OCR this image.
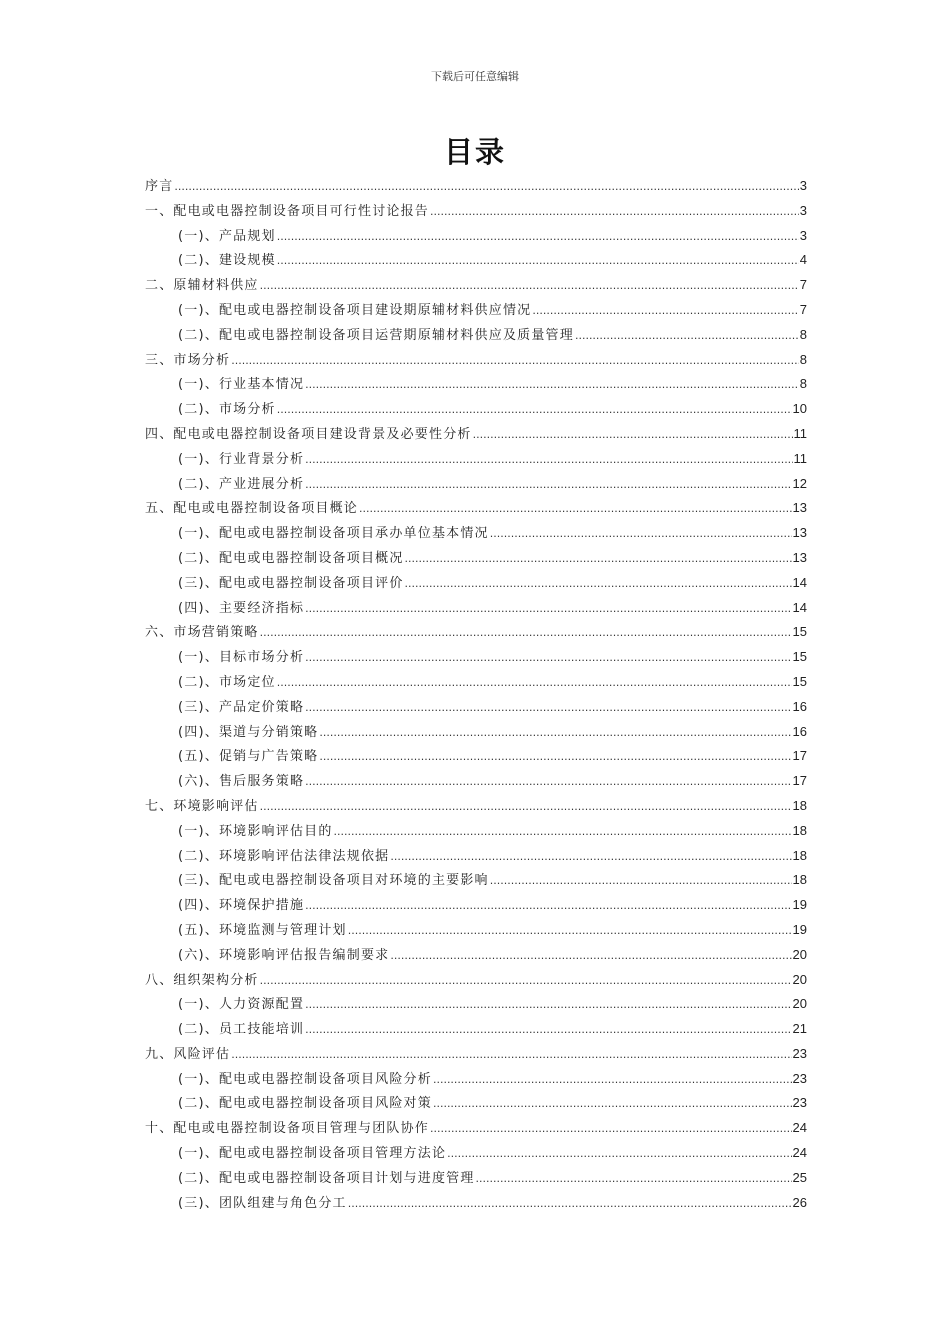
下载后可任意编辑
目录
序言 .....	3
一、配电或电器控制设备项目可行性讨论报告 .....	3
(一)、产品规划 .....	3
(二)、建设规模 .....	4
二、原辅材料供应 .....	7
(一)、配电或电器控制设备项目建设期原辅材料供应情况 .....	7
(二)、配电或电器控制设备项目运营期原辅材料供应及质量管理 .....	8
三、市场分析 .....	8
(一)、行业基本情况 .....	8
(二)、市场分析 .....	10
四、配电或电器控制设备项目建设背景及必要性分析 .....	11
(一)、行业背景分析 .....	11
(二)、产业进展分析 .....	12
五、配电或电器控制设备项目概论 .....	13
(一)、配电或电器控制设备项目承办单位基本情况 .....	13
(二)、配电或电器控制设备项目概况 .....	13
(三)、配电或电器控制设备项目评价 .....	14
(四)、主要经济指标 .....	14
六、市场营销策略 .....	15
(一)、目标市场分析 .....	15
(二)、市场定位 .....	15
(三)、产品定价策略 .....	16
(四)、渠道与分销策略 .....	16
(五)、促销与广告策略 .....	17
(六)、售后服务策略 .....	17
七、环境影响评估 .....	18
(一)、环境影响评估目的 .....	18
(二)、环境影响评估法律法规依据 .....	18
(三)、配电或电器控制设备项目对环境的主要影响 .....	18
(四)、环境保护措施 .....	19
(五)、环境监测与管理计划 .....	19
(六)、环境影响评估报告编制要求 .....	20
八、组织架构分析 .....	20
(一)、人力资源配置 .....	20
(二)、员工技能培训 .....	21
九、风险评估 .....	23
(一)、配电或电器控制设备项目风险分析 .....	23
(二)、配电或电器控制设备项目风险对策 .....	23
十、配电或电器控制设备项目管理与团队协作 .....	24
(一)、配电或电器控制设备项目管理方法论 .....	24
(二)、配电或电器控制设备项目计划与进度管理 .....	25
(三)、团队组建与角色分工 .....	26
